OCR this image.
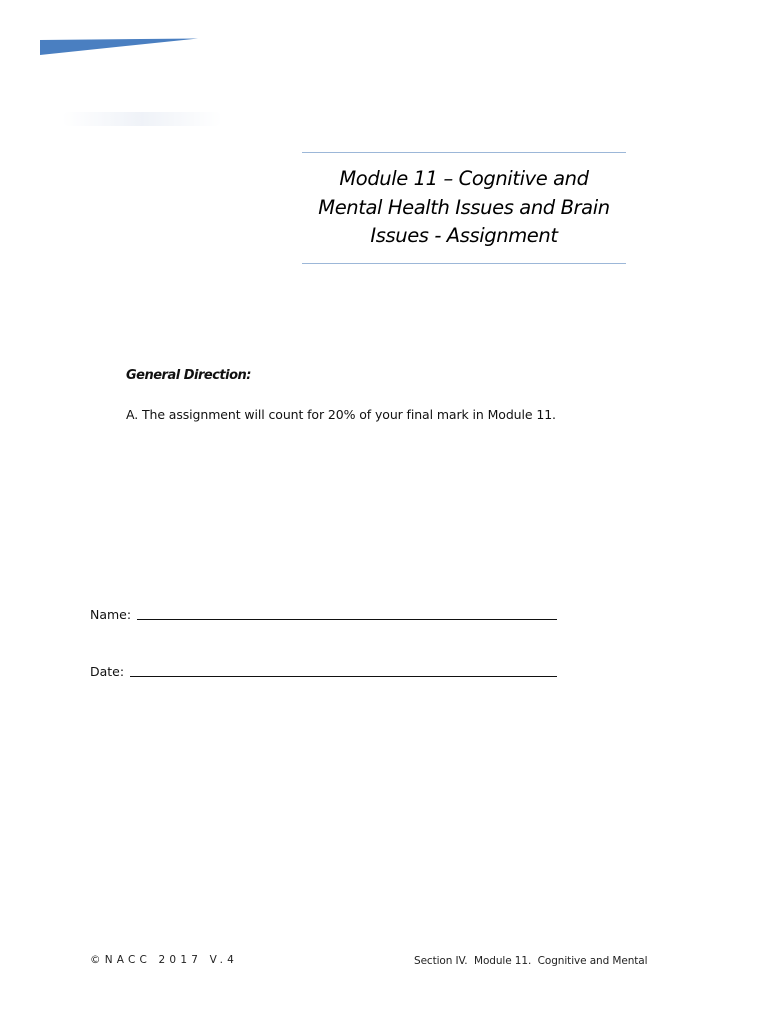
Module 11 – Cognitive and Mental Health Issues and Brain Issues - Assignment
General Direction:
A. The assignment will count for 20% of your final mark in Module 11.
Name:
Date:
©NACC 2017 V.4	Section IV.  Module 11.  Cognitive and Mental
